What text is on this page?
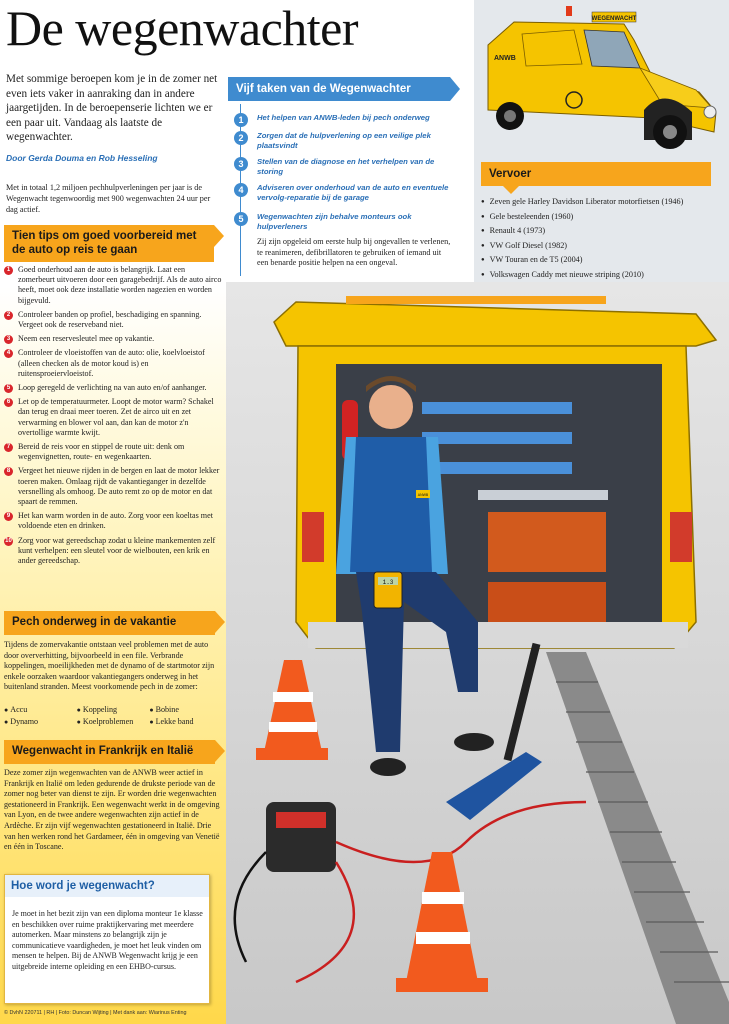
De wegenwachter
Met sommige beroepen kom je in de zomer net even iets vaker in aanraking dan in andere jaargetijden. In de beroepenserie lichten we er een paar uit. Vandaag als laatste de wegenwachter.
Door Gerda Douma en Rob Hesseling
Met in totaal 1,2 miljoen pechhulpverleningen per jaar is de Wegenwacht tegenwoordig met 900 wegenwachten 24 uur per dag actief.
Tien tips om goed voorbereid met de auto op reis te gaan
1 Goed onderhoud aan de auto is belangrijk. Laat een zomerbeurt uitvoeren door een garagebedrijf. Als de auto airco heeft, moet ook deze installatie worden nagezien en worden bijgevuld.
2 Controleer banden op profiel, beschadiging en spanning. Vergeet ook de reserveband niet.
3 Neem een reservesleutel mee op vakantie.
4 Controleer de vloeistoffen van de auto: olie, koelvloeistof (alleen checken als de motor koud is) en ruitensproeiervloeistof.
5 Loop geregeld de verlichting na van auto en/of aanhanger.
6 Let op de temperatuurmeter. Loopt de motor warm? Schakel dan terug en draai meer toeren. Zet de airco uit en zet verwarming en blower vol aan, dan kan de motor z'n overtollige warmte kwijt.
7 Bereid de reis voor en stippel de route uit: denk om wegenvignetten, route- en wegenkaarten.
8 Vergeet het nieuwe rijden in de bergen en laat de motor lekker toeren maken. Omlaag rijdt de vakantieganger in dezelfde versnelling als omhoog. De auto remt zo op de motor en dat spaart de remmen.
9 Het kan warm worden in de auto. Zorg voor een koeltas met voldoende eten en drinken.
10 Zorg voor wat gereedschap zodat u kleine mankementen zelf kunt verhelpen: een sleutel voor de wielbouten, een krik en ander gereedschap.
Pech onderweg in de vakantie
Tijdens de zomervakantie ontstaan veel problemen met de auto door oververhitting, bijvoorbeeld in een file. Verbrande koppelingen, moeilijkheden met de dynamo of de startmotor zijn enkele oorzaken waardoor vakantiegangers onderweg in het buitenland stranden. Meest voorkomende pech in de zomer:
● Accu	● Koppeling	● Bobine
● Dynamo	● Koelproblemen	● Lekke band
Wegenwacht in Frankrijk en Italië
Deze zomer zijn wegenwachten van de ANWB weer actief in Frankrijk en Italië om leden gedurende de drukste periode van de zomer nog beter van dienst te zijn. Er worden drie wegenwachten gestationeerd in Frankrijk. Een wegenwacht werkt in de omgeving van Lyon, en de twee andere wegenwachten zijn actief in de Ardèche. Er zijn vijf wegenwachten gestationeerd in Italië. Drie van hen werken rond het Gardameer, één in omgeving van Venetië en één in Toscane.
Hoe word je wegenwacht?
Je moet in het bezit zijn van een diploma monteur 1e klasse en beschikken over ruime praktijkervaring met meerdere automerken. Maar minstens zo belangrijk zijn je communicatieve vaardigheden, je moet het leuk vinden om mensen te helpen. Bij de ANWB Wegenwacht krijg je een uitgebreide interne opleiding en een EHBO-cursus.
© DvhN 220711 | RH | Foto: Duncan Wijting | Met dank aan: Wiarinus Enting
Vijf taken van de Wegenwachter
1	Het helpen van ANWB-leden bij pech onderweg
2	Zorgen dat de hulpverlening op een veilige plek plaatsvindt
3	Stellen van de diagnose en het verhelpen van de storing
4	Adviseren over onderhoud van de auto en eventuele vervolg-reparatie bij de garage
5	Wegenwachten zijn behalve monteurs ook hulpverleners
Zij zijn opgeleid om eerste hulp bij ongevallen te verlenen, te reanimeren, defibrillatoren te gebruiken of iemand uit een benarde positie helpen na een ongeval.
WEGENWACHT
ANWB
Vervoer
● Zeven gele Harley Davidson Liberator motorfietsen (1946)
● Gele besteleenden (1960)
● Renault 4 (1973)
● VW Golf Diesel (1982)
● VW Touran en de T5 (2004)
● Volkswagen Caddy met nieuwe striping (2010)
1.3
ANWB
